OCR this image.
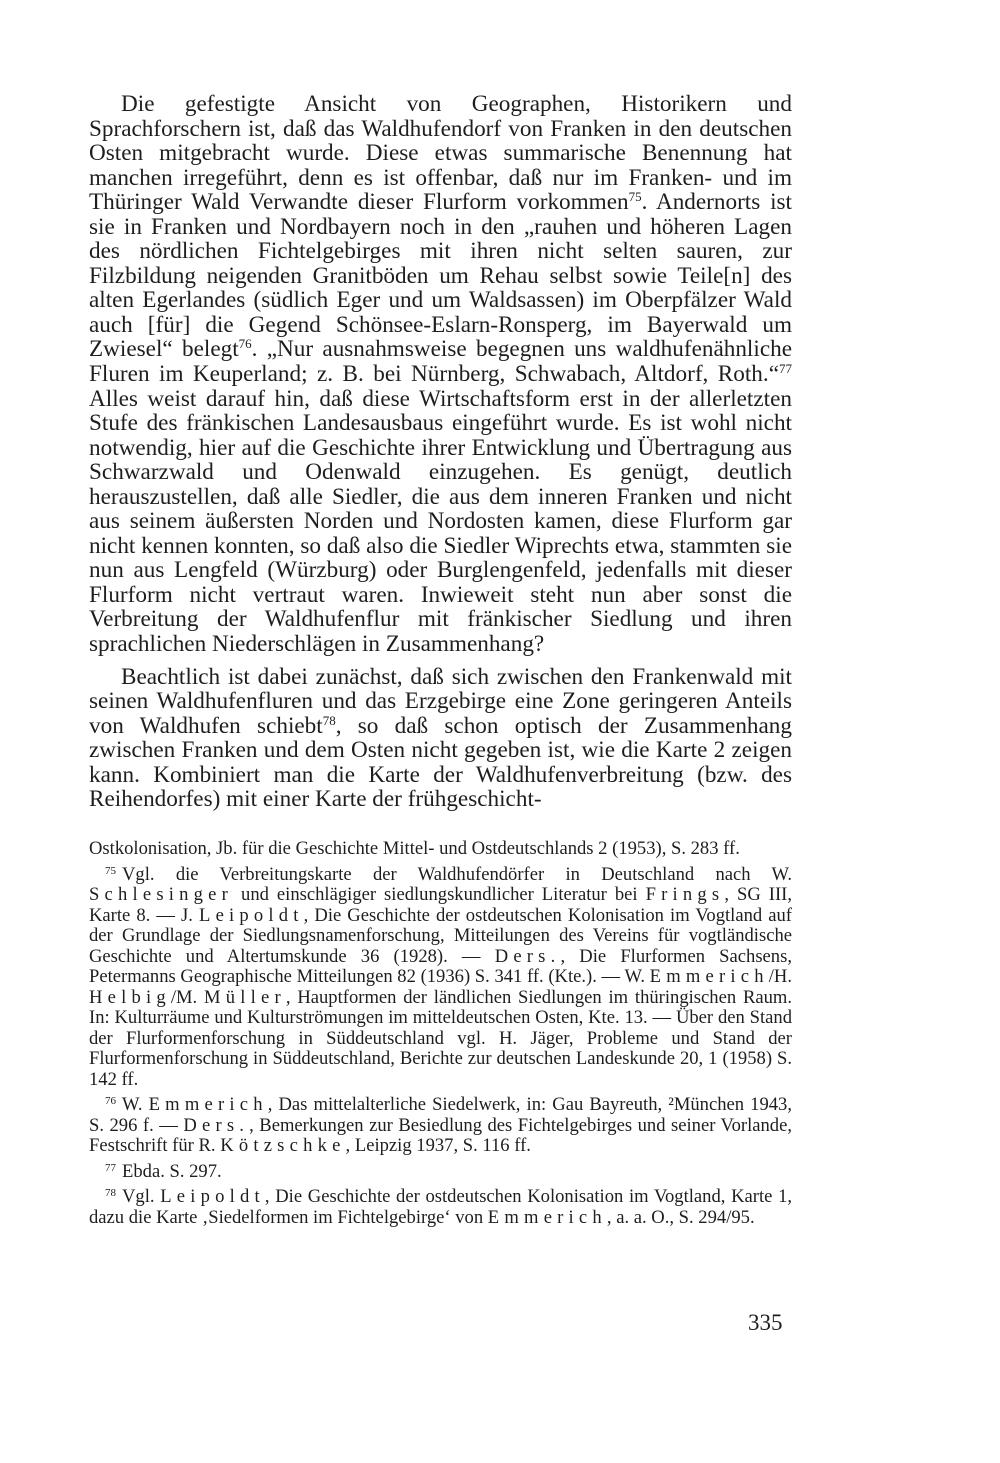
Die gefestigte Ansicht von Geographen, Historikern und Sprachforschern ist, daß das Waldhufendorf von Franken in den deutschen Osten mitgebracht wurde. Diese etwas summarische Benennung hat manchen irregeführt, denn es ist offenbar, daß nur im Franken- und im Thüringer Wald Verwandte dieser Flurform vorkommen$^{75}$. Andernorts ist sie in Franken und Nordbayern noch in den „rauhen und höheren Lagen des nördlichen Fichtelgebirges mit ihren nicht selten sauren, zur Filzbildung neigenden Granitböden um Rehau selbst sowie Teile[n] des alten Egerlandes (südlich Eger und um Waldsassen) im Oberpfälzer Wald auch [für] die Gegend Schönsee-Eslarn-Ronsperg, im Bayerwald um Zwiesel“ belegt$^{76}$. „Nur ausnahmsweise begegnen uns waldhufenähnliche Fluren im Keuperland; z. B. bei Nürnberg, Schwabach, Altdorf, Roth.“$^{77}$ Alles weist darauf hin, daß diese Wirtschaftsform erst in der allerletzten Stufe des fränkischen Landesausbaus eingeführt wurde. Es ist wohl nicht notwendig, hier auf die Geschichte ihrer Entwicklung und Übertragung aus Schwarzwald und Odenwald einzugehen. Es genügt, deutlich herauszustellen, daß alle Siedler, die aus dem inneren Franken und nicht aus seinem äußersten Norden und Nordosten kamen, diese Flurform gar nicht kennen konnten, so daß also die Siedler Wiprechts etwa, stammten sie nun aus Lengfeld (Würzburg) oder Burglengenfeld, jedenfalls mit dieser Flurform nicht vertraut waren. Inwieweit steht nun aber sonst die Verbreitung der Waldhufenflur mit fränkischer Siedlung und ihren sprachlichen Niederschlägen in Zusammenhang?

Beachtlich ist dabei zunächst, daß sich zwischen den Frankenwald mit seinen Waldhufenfluren und das Erzgebirge eine Zone geringeren Anteils von Waldhufen schiebt$^{78}$, so daß schon optisch der Zusammenhang zwischen Franken und dem Osten nicht gegeben ist, wie die Karte 2 zeigen kann. Kombiniert man die Karte der Waldhufenverbreitung (bzw. des Reihendorfes) mit einer Karte der frühgeschicht-

Ostkolonisation, Jb. für die Geschichte Mittel- und Ostdeutschlands 2 (1953), S. 283 ff.

$^{75}$ Vgl. die Verbreitungskarte der Waldhufendörfer in Deutschland nach W. Schlesinger und einschlägiger siedlungskundlicher Literatur bei Frings, SG III, Karte 8. — J. Leipoldt, Die Geschichte der ostdeutschen Kolonisation im Vogtland auf der Grundlage der Siedlungsnamenforschung, Mitteilungen des Vereins für vogtländische Geschichte und Altertumskunde 36 (1928). — Ders., Die Flurformen Sachsens, Petermanns Geographische Mitteilungen 82 (1936) S. 341 ff. (Kte.). — W. Emmerich/H. Helbig/M. Müller, Hauptformen der ländlichen Siedlungen im thüringischen Raum. In: Kulturräume und Kulturströmungen im mitteldeutschen Osten, Kte. 13. — Über den Stand der Flurformenforschung in Süddeutschland vgl. H. Jäger, Probleme und Stand der Flurformenforschung in Süddeutschland, Berichte zur deutschen Landeskunde 20, 1 (1958) S. 142 ff.

$^{76}$ W. Emmerich, Das mittelalterliche Siedelwerk, in: Gau Bayreuth, ²München 1943, S. 296 f. — Ders., Bemerkungen zur Besiedlung des Fichtelgebirges und seiner Vorlande, Festschrift für R. Kötzschke, Leipzig 1937, S. 116 ff.

$^{77}$ Ebda. S. 297.

$^{78}$ Vgl. Leipoldt, Die Geschichte der ostdeutschen Kolonisation im Vogtland, Karte 1, dazu die Karte ‚Siedelformen im Fichtelgebirge‘ von Emmerich, a. a. O., S. 294/95.

335
